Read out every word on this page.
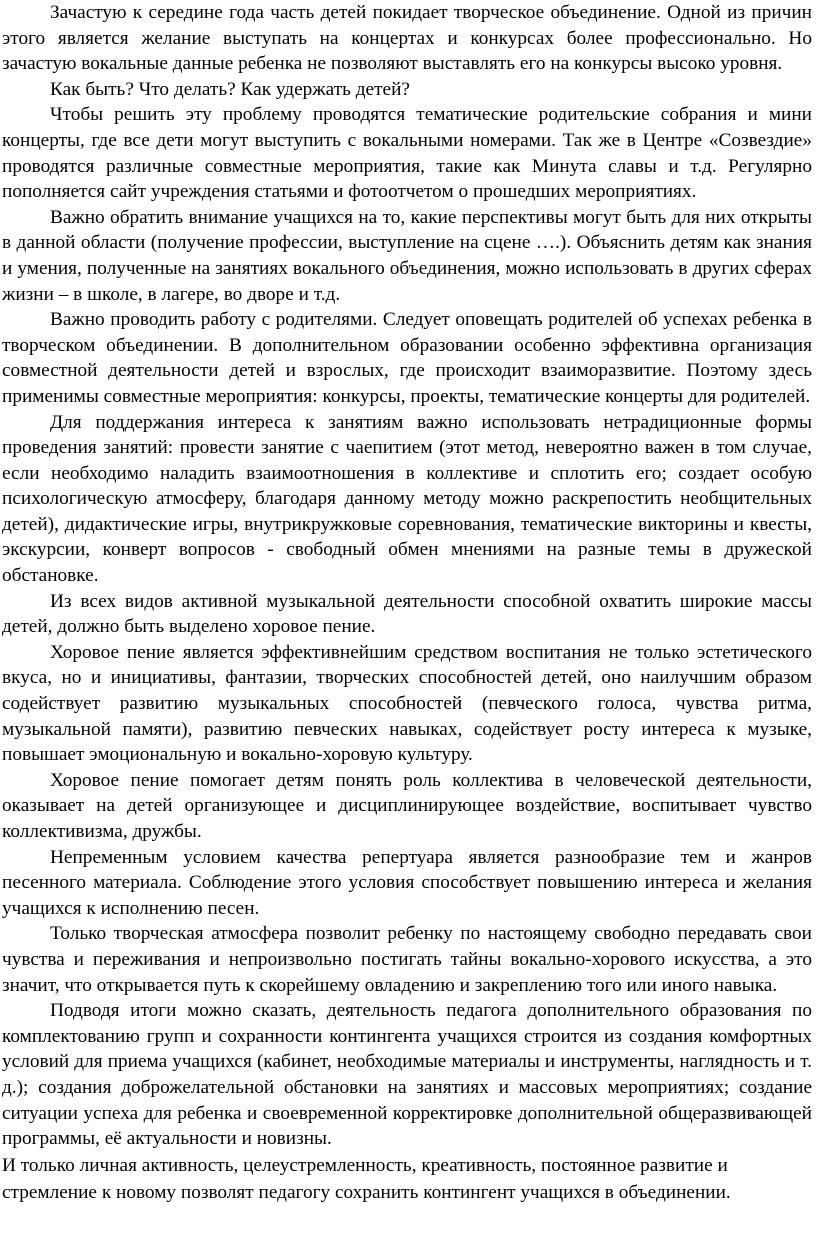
Зачастую к середине года часть детей покидает творческое объединение. Одной из причин этого является желание выступать на концертах и конкурсах более профессионально. Но зачастую вокальные данные ребенка не позволяют выставлять его на конкурсы высоко уровня.

Как быть? Что делать? Как удержать детей?

Чтобы решить эту проблему проводятся тематические родительские собрания и мини концерты, где все дети могут выступить с вокальными номерами. Так же в Центре «Созвездие» проводятся различные совместные мероприятия, такие как Минута славы и т.д. Регулярно пополняется сайт учреждения статьями и фотоотчетом о прошедших мероприятиях.

Важно обратить внимание учащихся на то, какие перспективы могут быть для них открыты в данной области (получение профессии, выступление на сцене ….). Объяснить детям как знания и умения, полученные на занятиях вокального объединения, можно использовать в других сферах жизни – в школе, в лагере, во дворе и т.д.

Важно проводить работу с родителями. Следует оповещать родителей об успехах ребенка в творческом объединении. В дополнительном образовании особенно эффективна организация совместной деятельности детей и взрослых, где происходит взаиморазвитие. Поэтому здесь применимы совместные мероприятия: конкурсы, проекты, тематические концерты для родителей.

Для поддержания интереса к занятиям важно использовать нетрадиционные формы проведения занятий: провести занятие с чаепитием (этот метод, невероятно важен в том случае, если необходимо наладить взаимоотношения в коллективе и сплотить его; создает особую психологическую атмосферу, благодаря данному методу можно раскрепостить необщительных детей), дидактические игры, внутрикружковые соревнования, тематические викторины и квесты, экскурсии, конверт вопросов - свободный обмен мнениями на разные темы в дружеской обстановке.

Из всех видов активной музыкальной деятельности способной охватить широкие массы детей, должно быть выделено хоровое пение.

Хоровое пение является эффективнейшим средством воспитания не только эстетического вкуса, но и инициативы, фантазии, творческих способностей детей, оно наилучшим образом содействует развитию музыкальных способностей (певческого голоса, чувства ритма, музыкальной памяти), развитию певческих навыках, содействует росту интереса к музыке, повышает эмоциональную и вокально-хоровую культуру.

Хоровое пение помогает детям понять роль коллектива в человеческой деятельности, оказывает на детей организующее и дисциплинирующее воздействие, воспитывает чувство коллективизма, дружбы.

Непременным условием качества репертуара является разнообразие тем и жанров песенного материала. Соблюдение этого условия способствует повышению интереса и желания учащихся к исполнению песен.

Только творческая атмосфера позволит ребенку по настоящему свободно передавать свои чувства и переживания и непроизвольно постигать тайны вокально-хорового искусства, а это значит, что открывается путь к скорейшему овладению и закреплению того или иного навыка.

Подводя итоги можно сказать, деятельность педагога дополнительного образования по комплектованию групп и сохранности контингента учащихся строится из создания комфортных условий для приема учащихся (кабинет, необходимые материалы и инструменты, наглядность и т. д.); создания доброжелательной обстановки на занятиях и массовых мероприятиях; создание ситуации успеха для ребенка и своевременной корректировке дополнительной общеразвивающей программы, её актуальности и новизны.

И только личная активность, целеустремленность, креативность, постоянное развитие и

стремление к новому позволят педагогу сохранить контингент учащихся в объединении.
